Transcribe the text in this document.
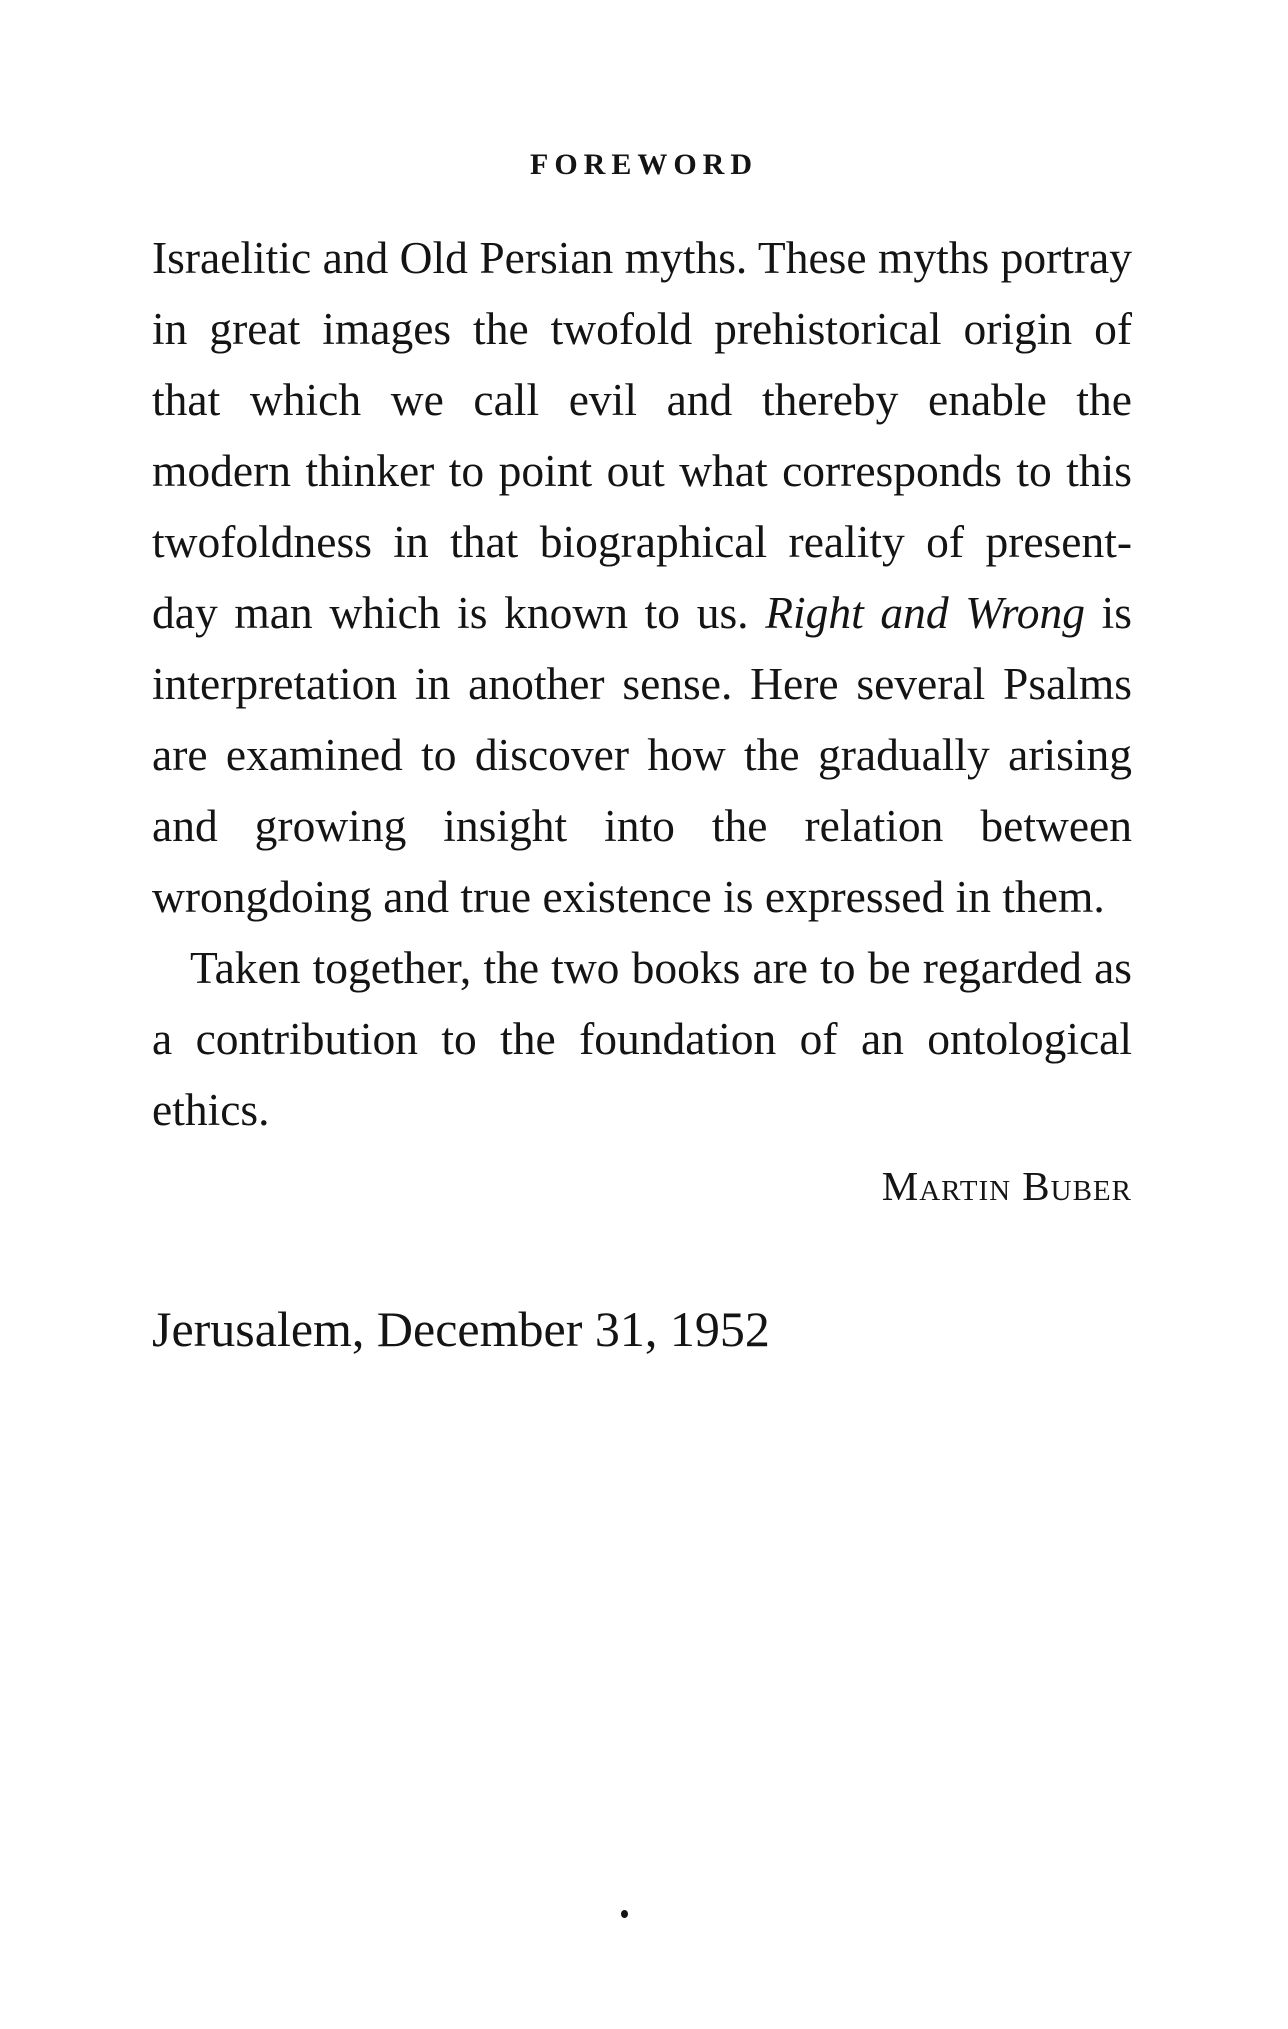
FOREWORD

Israelitic and Old Persian myths. These myths portray in great images the twofold prehistorical origin of that which we call evil and thereby enable the modern thinker to point out what corresponds to this twofoldness in that biographical reality of present-day man which is known to us. Right and Wrong is interpretation in another sense. Here several Psalms are examined to discover how the gradually arising and growing insight into the relation between wrongdoing and true existence is expressed in them.

Taken together, the two books are to be regarded as a contribution to the foundation of an ontological ethics.

Martin Buber
Jerusalem, December 31, 1952
